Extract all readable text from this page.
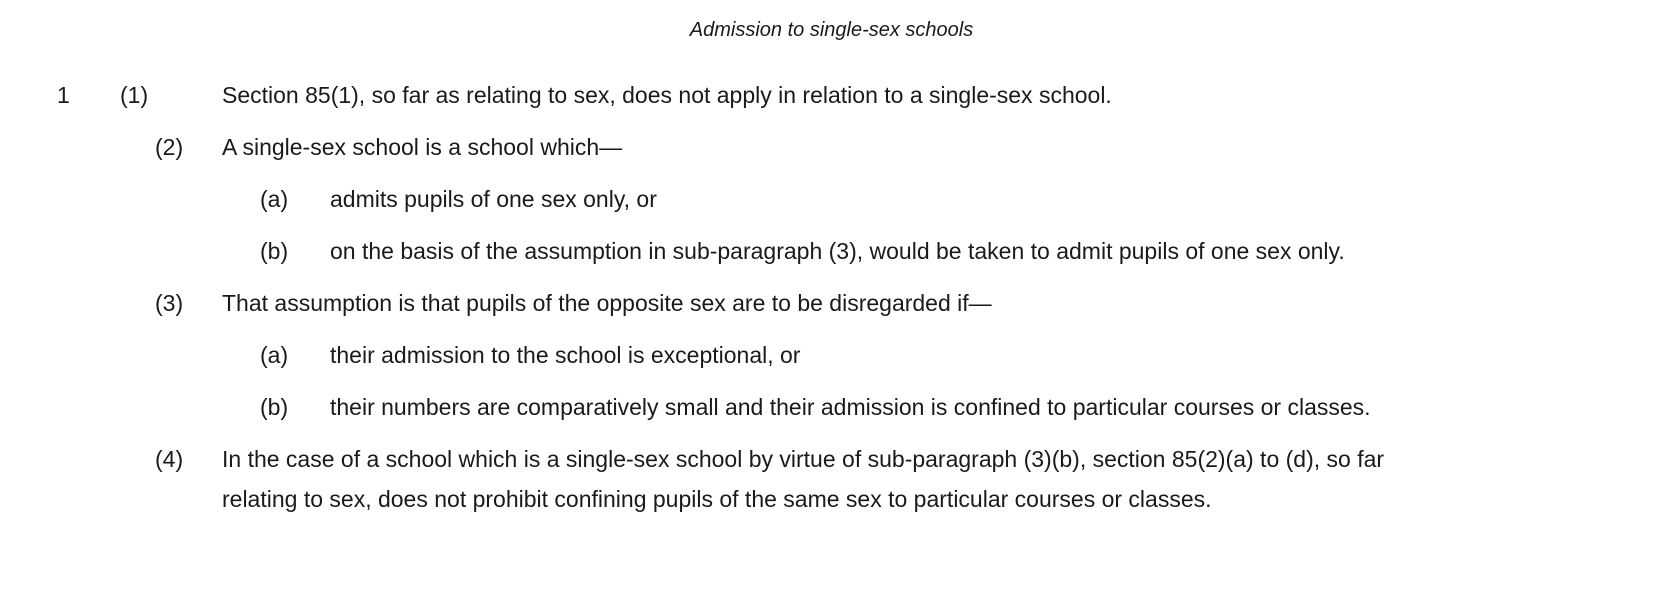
Admission to single-sex schools
1 (1)	Section 85(1), so far as relating to sex, does not apply in relation to a single-sex school.
(2)	A single-sex school is a school which—
(a)	admits pupils of one sex only, or
(b)	on the basis of the assumption in sub-paragraph (3), would be taken to admit pupils of one sex only.
(3)	That assumption is that pupils of the opposite sex are to be disregarded if—
(a)	their admission to the school is exceptional, or
(b)	their numbers are comparatively small and their admission is confined to particular courses or classes.
(4) In the case of a school which is a single-sex school by virtue of sub-paragraph (3)(b), section 85(2)(a) to (d), so far
relating to sex, does not prohibit confining pupils of the same sex to particular courses or classes.
